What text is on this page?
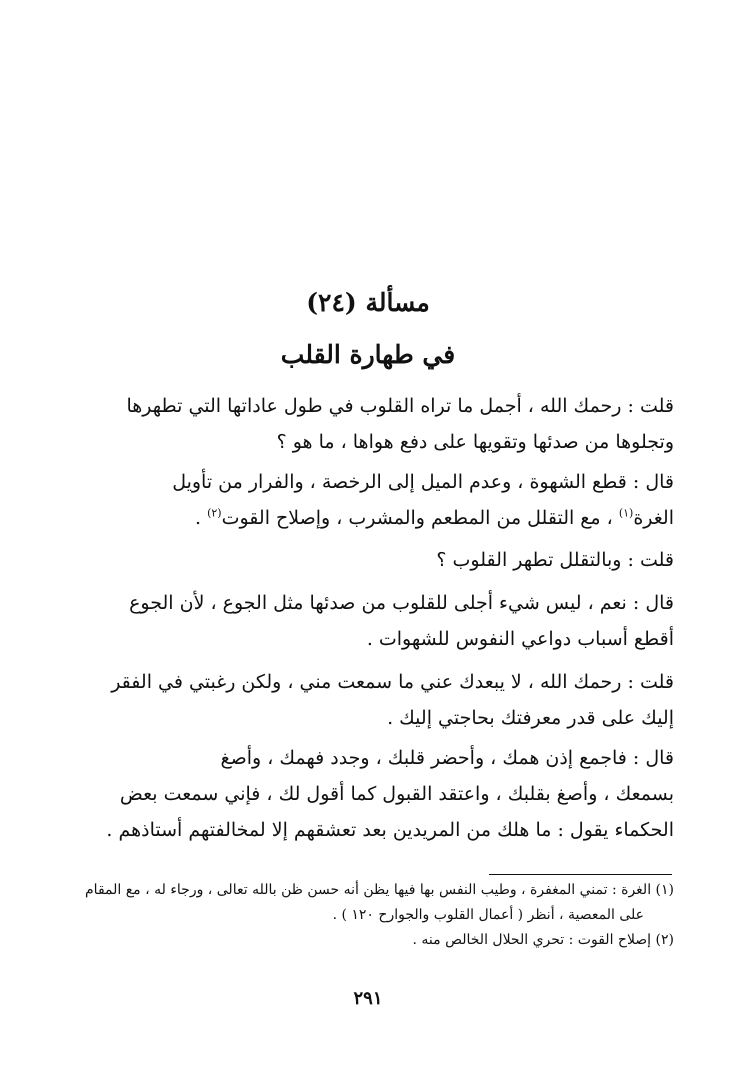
مسألة (٢٤)
في طهارة القلب
قلت : رحمك الله ، أجمل ما تراه القلوب في طول عاداتها التي تطهرها
وتجلوها من صدئها وتقويها على دفع هواها ، ما هو ؟
قال : قطع الشهوة ، وعدم الميل إلى الرخصة ، والفرار من تأويل
الغرة$^{(١)}$ ، مع التقلل من المطعم والمشرب ، وإصلاح القوت$^{(٢)}$ .
قلت : وبالتقلل تطهر القلوب ؟
قال : نعم ، ليس شيء أجلى للقلوب من صدئها مثل الجوع ، لأن الجوع
أقطع أسباب دواعي النفوس للشهوات .
قلت : رحمك الله ، لا يبعدك عني ما سمعت مني ، ولكن رغبتي في الفقر
إليك على قدر معرفتك بحاجتي إليك .
قال : فاجمع إذن همك ، وأحضر قلبك ، وجدد فهمك ، وأصغ
بسمعك ، وأصغ بقلبك ، واعتقد القبول كما أقول لك ، فإني سمعت بعض
الحكماء يقول : ما هلك من المريدين بعد تعشقهم إلا لمخالفتهم أستاذهم .
(١) الغرة : تمني المغفرة ، وطيب النفس بها فيها يظن أنه حسن ظن بالله تعالى ، ورجاء له ، مع المقام
على المعصية ، أنظر ( أعمال القلوب والجوارح ١٢٠ ) .
(٢) إصلاح القوت : تحري الحلال الخالص منه .
٢٩١
